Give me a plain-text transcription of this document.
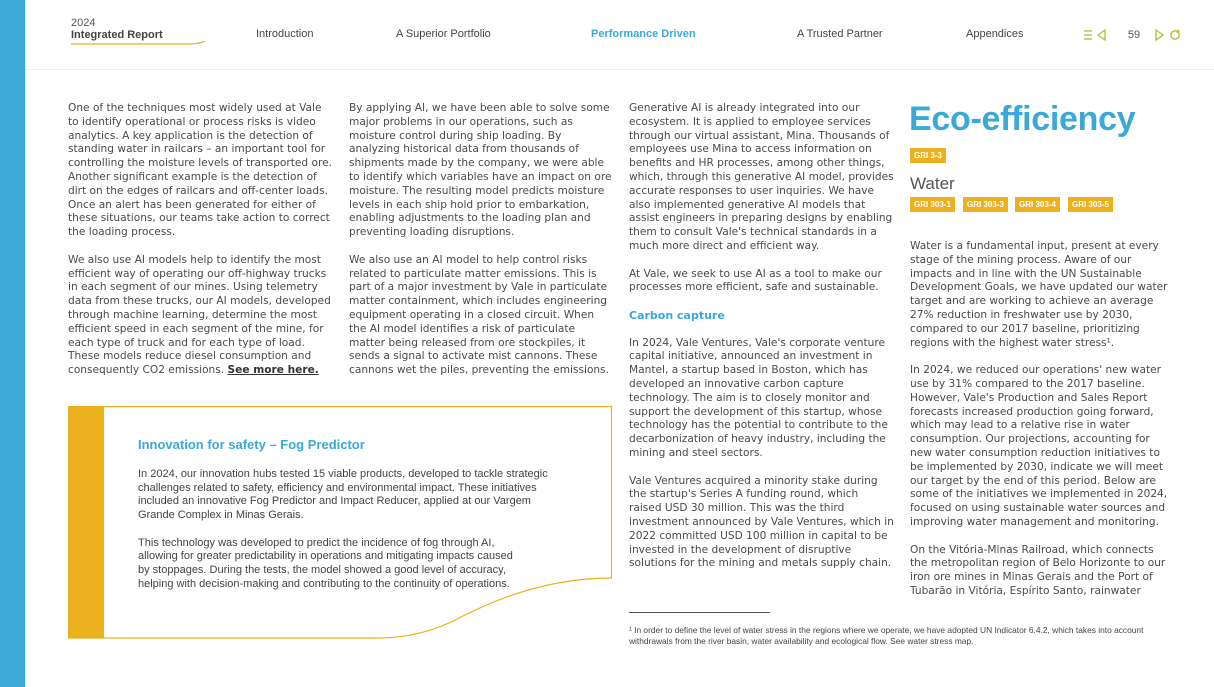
2024
Integrated Report	Introduction	A Superior Portfolio	Performance Driven	A Trusted Partner	Appendices	59

One of the techniques most widely used at Vale to identify operational or process risks is video analytics. A key application is the detection of standing water in railcars – an important tool for controlling the moisture levels of transported ore. Another significant example is the detection of dirt on the edges of railcars and off-center loads. Once an alert has been generated for either of these situations, our teams take action to correct the loading process.

We also use AI models help to identify the most efficient way of operating our off-highway trucks in each segment of our mines. Using telemetry data from these trucks, our AI models, developed through machine learning, determine the most efficient speed in each segment of the mine, for each type of truck and for each type of load. These models reduce diesel consumption and consequently CO2 emissions. See more here.

By applying AI, we have been able to solve some major problems in our operations, such as moisture control during ship loading. By analyzing historical data from thousands of shipments made by the company, we were able to identify which variables have an impact on ore moisture. The resulting model predicts moisture levels in each ship hold prior to embarkation, enabling adjustments to the loading plan and preventing loading disruptions.

We also use an AI model to help control risks related to particulate matter emissions. This is part of a major investment by Vale in particulate matter containment, which includes engineering equipment operating in a closed circuit. When the AI model identifies a risk of particulate matter being released from ore stockpiles, it sends a signal to activate mist cannons. These cannons wet the piles, preventing the emissions.

Innovation for safety – Fog Predictor

In 2024, our innovation hubs tested 15 viable products, developed to tackle strategic challenges related to safety, efficiency and environmental impact. These initiatives included an innovative Fog Predictor and Impact Reducer, applied at our Vargem Grande Complex in Minas Gerais.

This technology was developed to predict the incidence of fog through AI, allowing for greater predictability in operations and mitigating impacts caused by stoppages. During the tests, the model showed a good level of accuracy, helping with decision-making and contributing to the continuity of operations.

Generative AI is already integrated into our ecosystem. It is applied to employee services through our virtual assistant, Mina. Thousands of employees use Mina to access information on benefits and HR processes, among other things, which, through this generative AI model, provides accurate responses to user inquiries. We have also implemented generative AI models that assist engineers in preparing designs by enabling them to consult Vale's technical standards in a much more direct and efficient way.

At Vale, we seek to use AI as a tool to make our processes more efficient, safe and sustainable.

Carbon capture

In 2024, Vale Ventures, Vale's corporate venture capital initiative, announced an investment in Mantel, a startup based in Boston, which has developed an innovative carbon capture technology. The aim is to closely monitor and support the development of this startup, whose technology has the potential to contribute to the decarbonization of heavy industry, including the mining and steel sectors.

Vale Ventures acquired a minority stake during the startup's Series A funding round, which raised USD 30 million. This was the third investment announced by Vale Ventures, which in 2022 committed USD 100 million in capital to be invested in the development of disruptive solutions for the mining and metals supply chain.

Eco-efficiency
GRI 3-3
Water
GRI 303-1	GRI 303-3	GRI 303-4	GRI 303-5

Water is a fundamental input, present at every stage of the mining process. Aware of our impacts and in line with the UN Sustainable Development Goals, we have updated our water target and are working to achieve an average 27% reduction in freshwater use by 2030, compared to our 2017 baseline, prioritizing regions with the highest water stress¹.

In 2024, we reduced our operations' new water use by 31% compared to the 2017 baseline. However, Vale's Production and Sales Report forecasts increased production going forward, which may lead to a relative rise in water consumption. Our projections, accounting for new water consumption reduction initiatives to be implemented by 2030, indicate we will meet our target by the end of this period. Below are some of the initiatives we implemented in 2024, focused on using sustainable water sources and improving water management and monitoring.

On the Vitória-Minas Railroad, which connects the metropolitan region of Belo Horizonte to our iron ore mines in Minas Gerais and the Port of Tubarão in Vitória, Espírito Santo, rainwater

¹ In order to define the level of water stress in the regions where we operate, we have adopted UN Indicator 6.4.2, which takes into account withdrawals from the river basin, water availability and ecological flow. See water stress map.
